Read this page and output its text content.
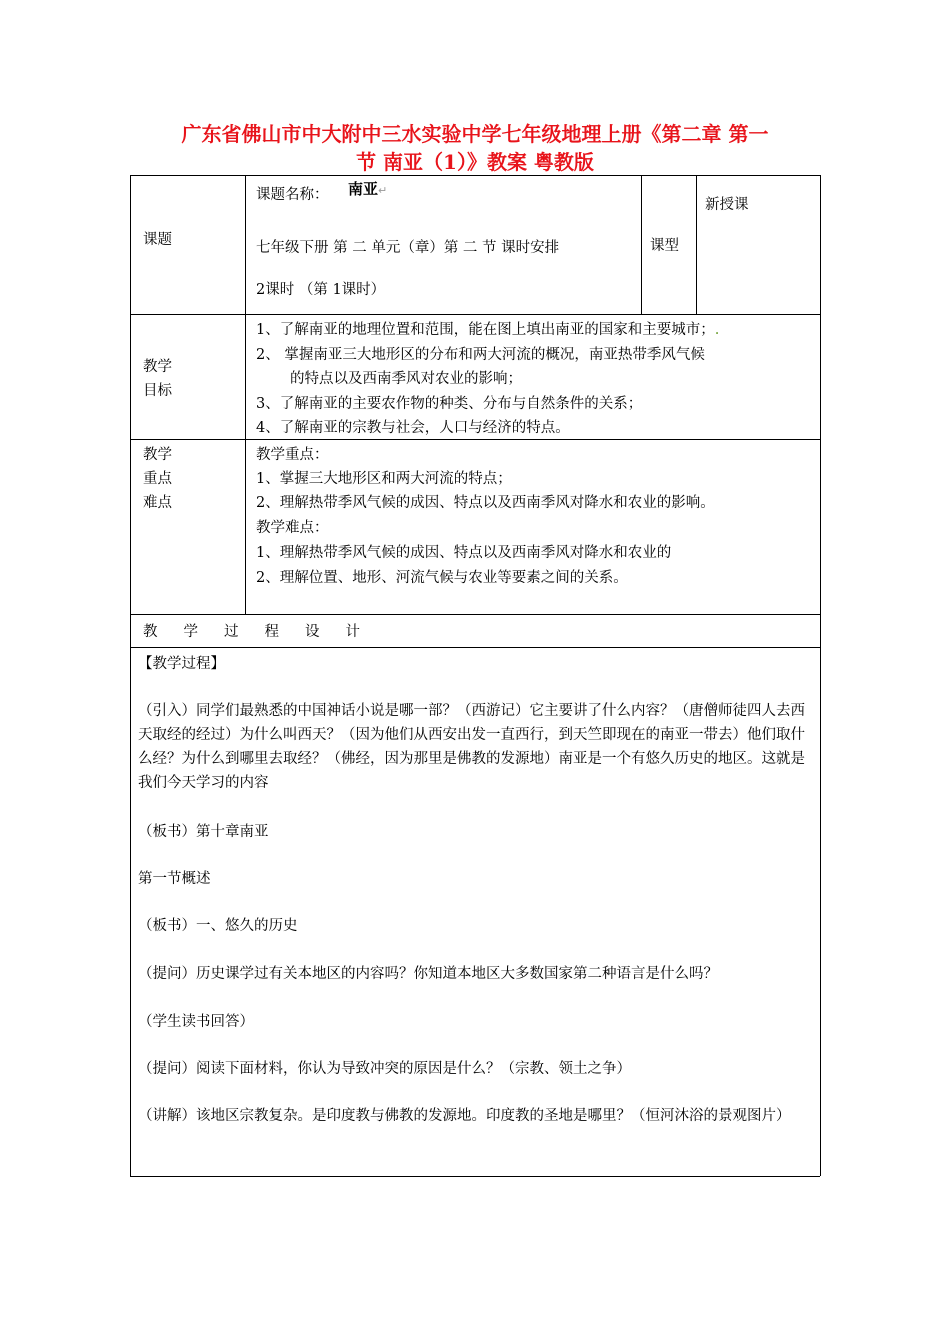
广东省佛山市中大附中三水实验中学七年级地理上册《第二章 第一
节 南亚（1）》教案 粤教版
课题
课题名称： 南亚↵
七年级下册 第 二 单元（章）第 二 节 课时安排
2课时 （第 1课时）
课型
新授课
教学
目标
1、了解南亚的地理位置和范围，能在图上填出南亚的国家和主要城市；.
2、 掌握南亚三大地形区的分布和两大河流的概况，南亚热带季风气候
的特点以及西南季风对农业的影响；
3、了解南亚的主要农作物的种类、分布与自然条件的关系；
4、了解南亚的宗教与社会，人口与经济的特点。
教学
重点
难点
教学重点：
1、掌握三大地形区和两大河流的特点；
2、理解热带季风气候的成因、特点以及西南季风对降水和农业的影响。
教学难点：
1、理解热带季风气候的成因、特点以及西南季风对降水和农业的
2、理解位置、地形、河流气候与农业等要素之间的关系。
教学过程设计
【教学过程】
（引入）同学们最熟悉的中国神话小说是哪一部？（西游记）它主要讲了什么内容？（唐僧师徒四人去西天取经的经过）为什么叫西天？（因为他们从西安出发一直西行，到天竺即现在的南亚一带去）他们取什么经？为什么到哪里去取经？（佛经，因为那里是佛教的发源地）南亚是一个有悠久历史的地区。这就是我们今天学习的内容
（板书）第十章南亚
第一节概述
（板书）一、悠久的历史
（提问）历史课学过有关本地区的内容吗？你知道本地区大多数国家第二种语言是什么吗？
（学生读书回答）
（提问）阅读下面材料，你认为导致冲突的原因是什么？（宗教、领土之争）
（讲解）该地区宗教复杂。是印度教与佛教的发源地。印度教的圣地是哪里？（恒河沐浴的景观图片）
